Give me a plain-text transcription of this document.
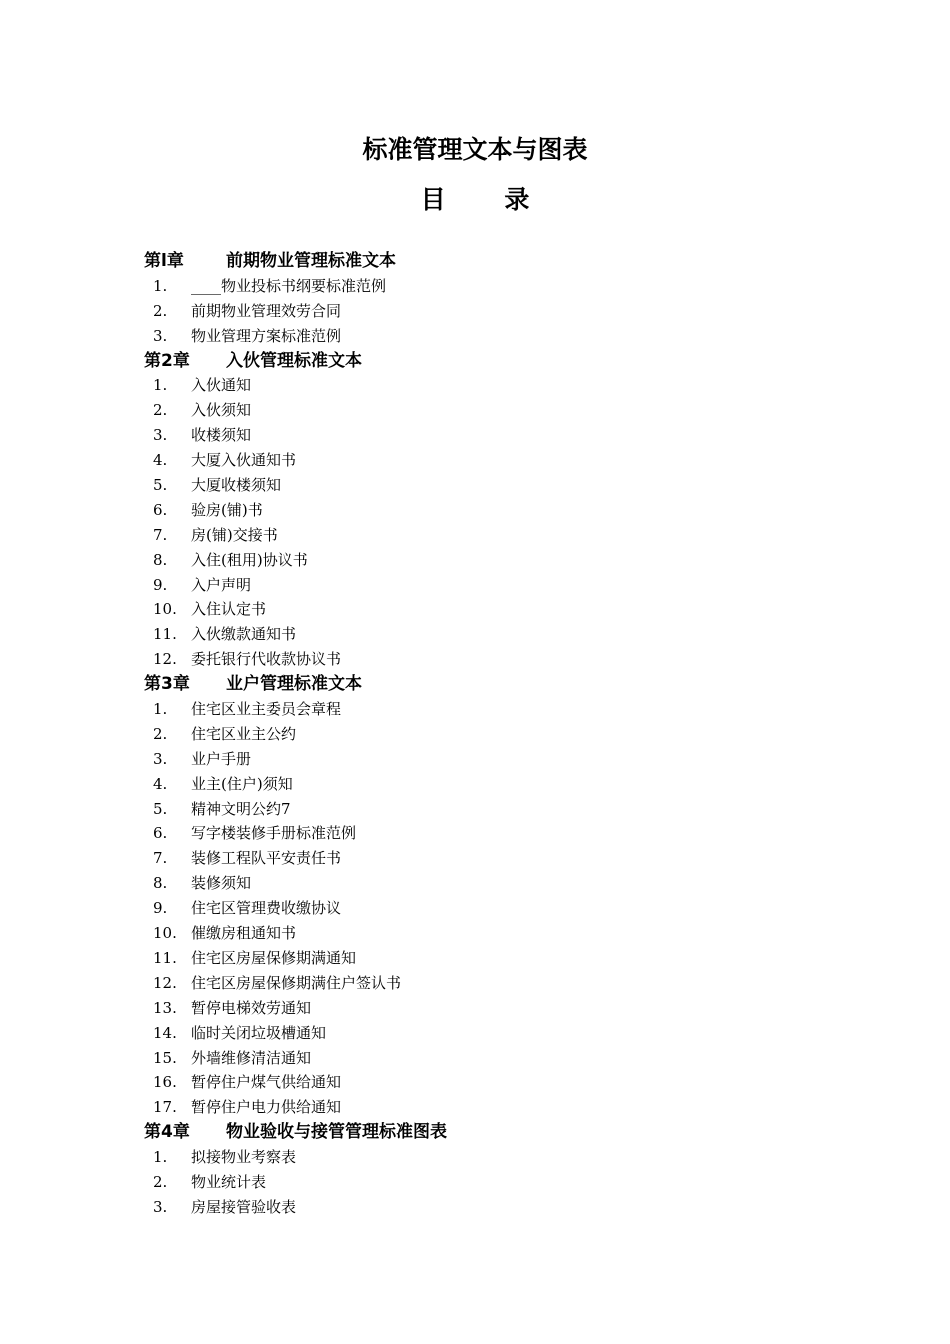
标准管理文本与图表
目 录
第l章 前期物业管理标准文本
1. ____物业投标书纲要标准范例
2. 前期物业管理效劳合同
3. 物业管理方案标准范例
第2章 入伙管理标准文本
1. 入伙通知
2. 入伙须知
3. 收楼须知
4. 大厦入伙通知书
5. 大厦收楼须知
6. 验房(铺)书
7. 房(铺)交接书
8. 入住(租用)协议书
9. 入户声明
10. 入住认定书
11. 入伙缴款通知书
12. 委托银行代收款协议书
第3章 业户管理标准文本
1. 住宅区业主委员会章程
2. 住宅区业主公约
3. 业户手册
4. 业主(住户)须知
5. 精神文明公约7
6. 写字楼装修手册标准范例
7. 装修工程队平安责任书
8. 装修须知
9. 住宅区管理费收缴协议
10. 催缴房租通知书
11. 住宅区房屋保修期满通知
12. 住宅区房屋保修期满住户签认书
13. 暂停电梯效劳通知
14. 临时关闭垃圾槽通知
15. 外墙维修清洁通知
16. 暂停住户煤气供给通知
17. 暂停住户电力供给通知
第4章 物业验收与接管管理标准图表
1. 拟接物业考察表
2. 物业统计表
3. 房屋接管验收表
